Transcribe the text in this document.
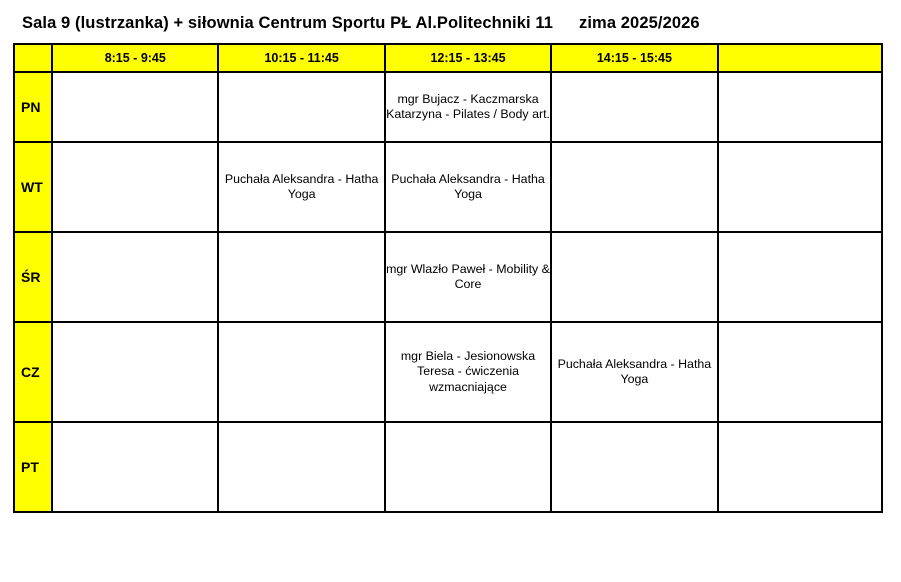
Sala 9 (lustrzanka) + siłownia Centrum Sportu PŁ Al.Politechniki 11 zima 2025/2026
	8:15 - 9:45	10:15 - 11:45	12:15 - 13:45	14:15 - 15:45	
PN			mgr Bujacz - Kaczmarska Katarzyna - Pilates / Body art.		

WT		Puchała Aleksandra - Hatha Yoga	Puchała Aleksandra - Hatha Yoga		

ŚR			mgr Wlazło Paweł - Mobility & Core		

CZ			mgr Biela - Jesionowska Teresa - ćwiczenia wzmacniające	Puchała Aleksandra - Hatha Yoga	

PT	
